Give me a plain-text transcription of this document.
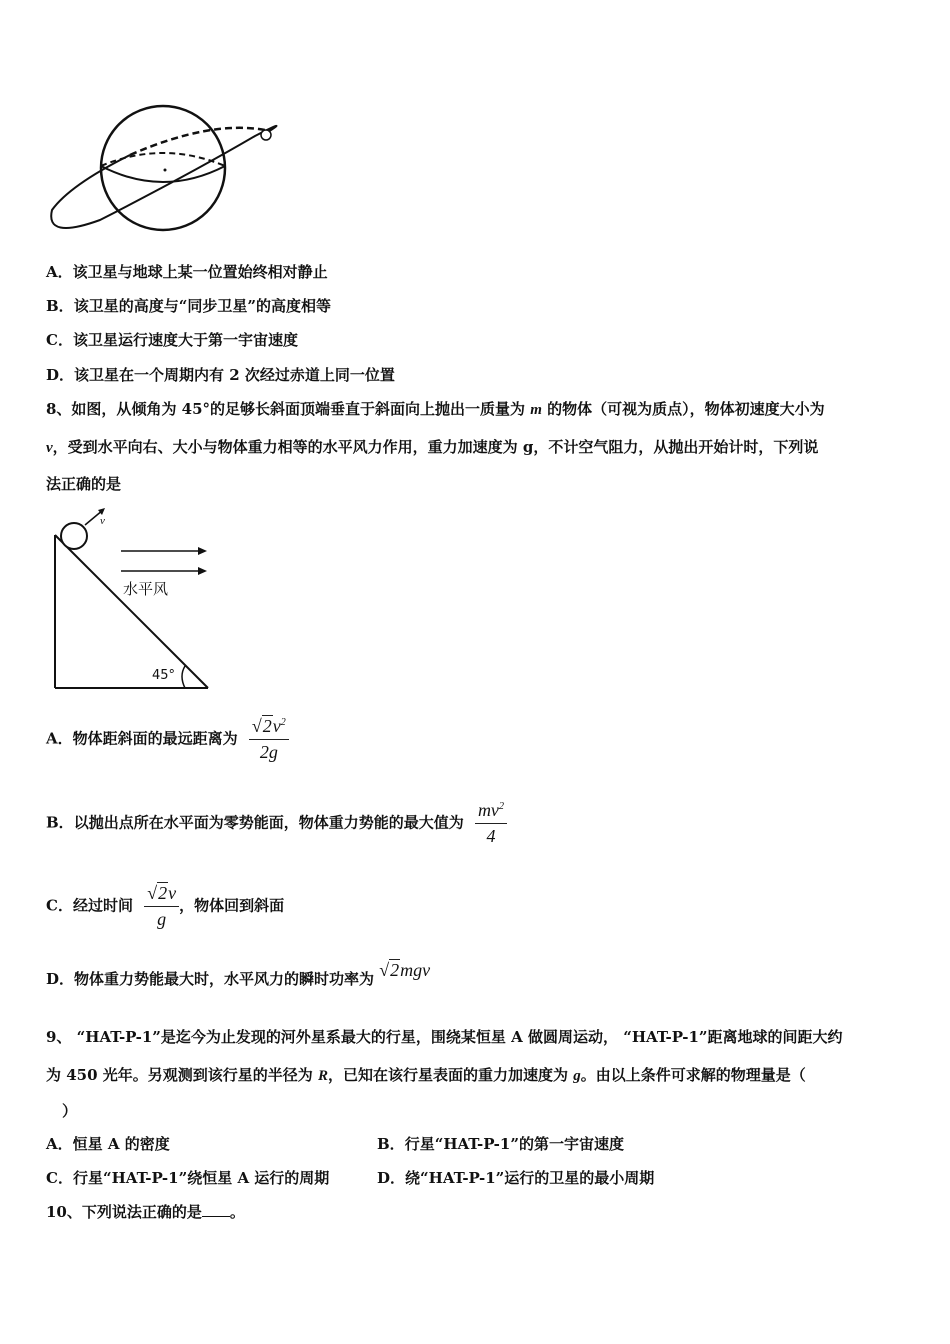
A．该卫星与地球上某一位置始终相对静止
B．该卫星的高度与“同步卫星”的高度相等
C．该卫星运行速度大于第一宇宙速度
D．该卫星在一个周期内有 2 次经过赤道上同一位置
8、如图，从倾角为 45°的足够长斜面顶端垂直于斜面向上抛出一质量为 m 的物体（可视为质点），物体初速度大小为
v，受到水平向右、大小与物体重力相等的水平风力作用，重力加速度为 g，不计空气阻力，从抛出开始计时，下列说
法正确的是
v
水平风
45°
A．物体距斜面的最远距离为 $\frac{√2v^2}{2g}$
B．以抛出点所在水平面为零势能面，物体重力势能的最大值为 $\frac{mv^2}{4}$
C．经过时间 $\frac{√2v}{g}$ ，物体回到斜面
D．物体重力势能最大时，水平风力的瞬时功率为 √2mgv
9、 “HAT-P-1”是迄今为止发现的河外星系最大的行星，围绕某恒星 A 做圆周运动， “HAT-P-1”距离地球的间距大约
为 450 光年。另观测到该行星的半径为 R，已知在该行星表面的重力加速度为 g。由以上条件可求解的物理量是（
）
A．恒星 A 的密度	B．行星“HAT-P-1”的第一宇宙速度
C．行星“HAT-P-1”绕恒星 A 运行的周期	D．绕“HAT-P-1”运行的卫星的最小周期
10、下列说法正确的是 。
